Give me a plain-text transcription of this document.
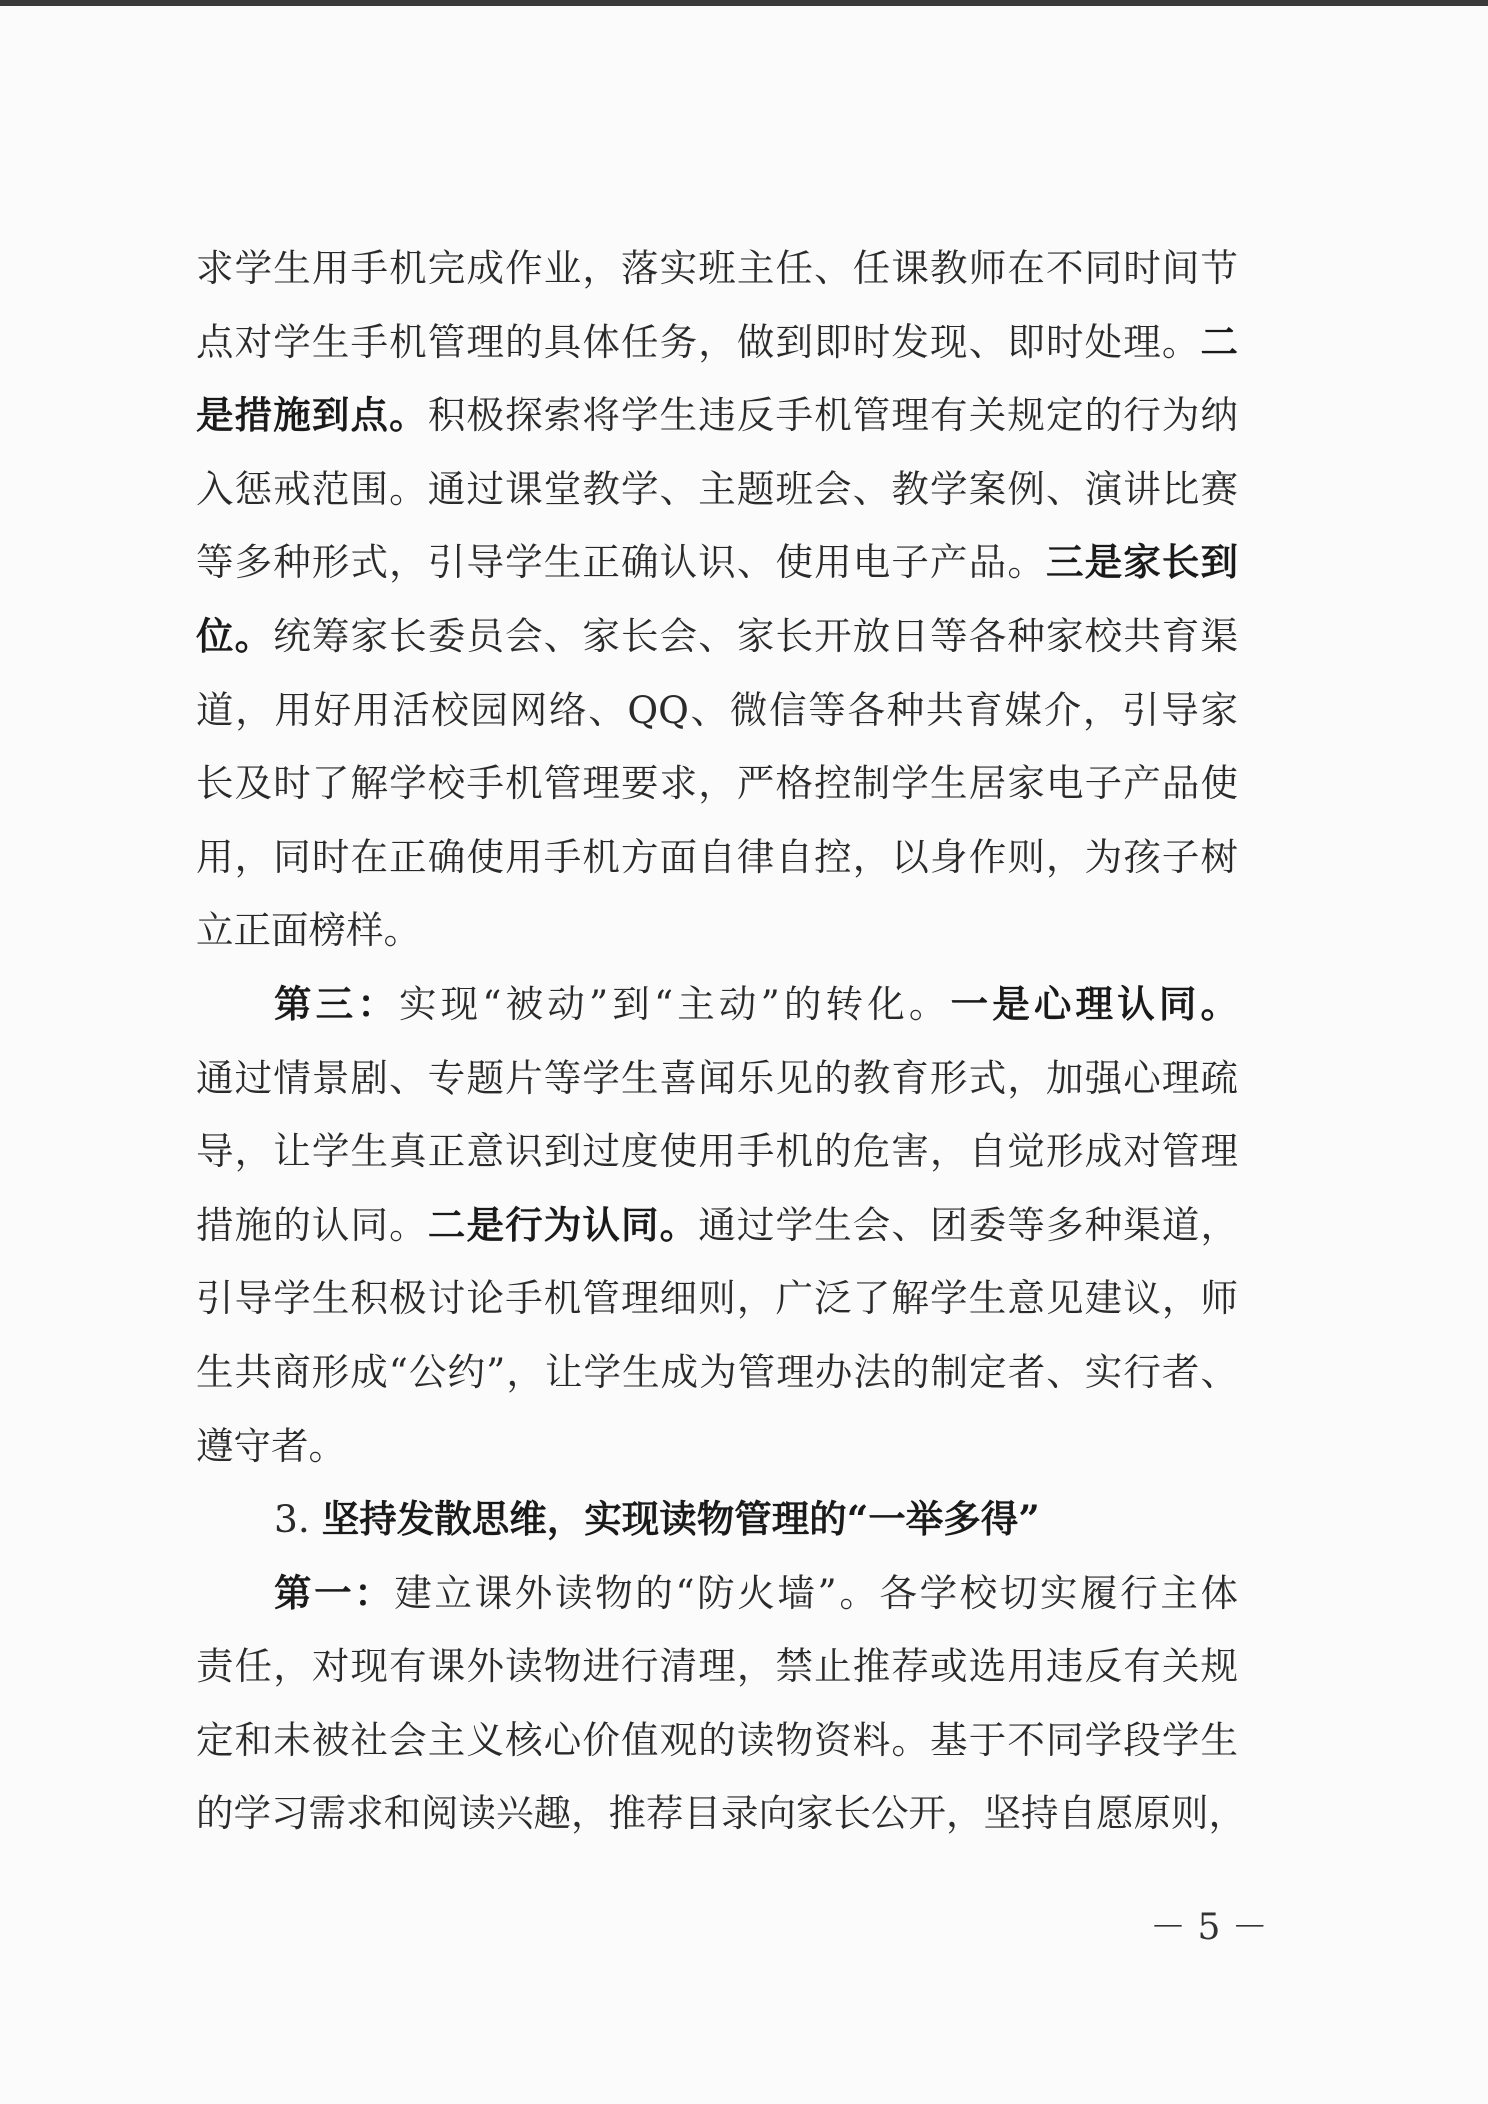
求学生用手机完成作业，落实班主任、任课教师在不同时间节
点对学生手机管理的具体任务，做到即时发现、即时处理。二
是措施到点。积极探索将学生违反手机管理有关规定的行为纳
入惩戒范围。通过课堂教学、主题班会、教学案例、演讲比赛
等多种形式，引导学生正确认识、使用电子产品。三是家长到
位。统筹家长委员会、家长会、家长开放日等各种家校共育渠
道，用好用活校园网络、QQ、微信等各种共育媒介，引导家
长及时了解学校手机管理要求，严格控制学生居家电子产品使
用，同时在正确使用手机方面自律自控，以身作则，为孩子树
立正面榜样。
第三：实现“被动”到“主动”的转化。一是心理认同。
通过情景剧、专题片等学生喜闻乐见的教育形式，加强心理疏
导，让学生真正意识到过度使用手机的危害，自觉形成对管理
措施的认同。二是行为认同。通过学生会、团委等多种渠道，
引导学生积极讨论手机管理细则，广泛了解学生意见建议，师
生共商形成“公约”，让学生成为管理办法的制定者、实行者、
遵守者。
3. 坚持发散思维，实现读物管理的“一举多得”
第一：建立课外读物的“防火墙”。各学校切实履行主体
责任，对现有课外读物进行清理，禁止推荐或选用违反有关规
定和未被社会主义核心价值观的读物资料。基于不同学段学生
的学习需求和阅读兴趣，推荐目录向家长公开，坚持自愿原则，
－ 5 －
